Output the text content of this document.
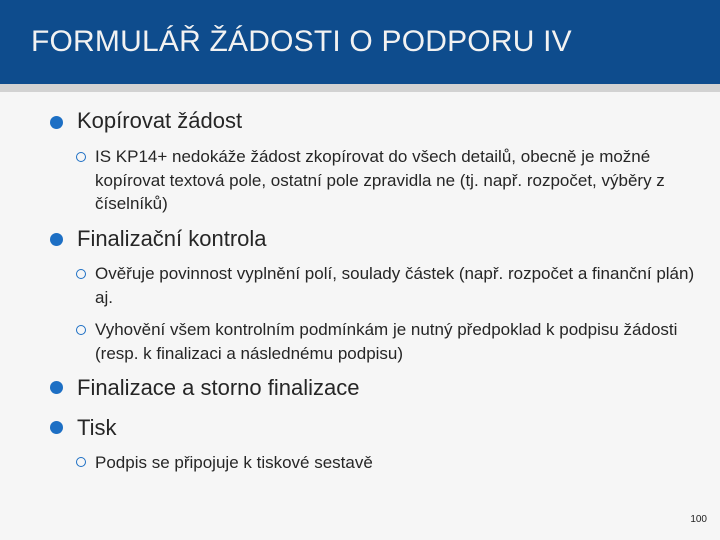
FORMULÁŘ ŽÁDOSTI O PODPORU IV
Kopírovat žádost
IS KP14+ nedokáže žádost zkopírovat do všech detailů, obecně je možné kopírovat textová pole, ostatní pole zpravidla ne (tj. např. rozpočet, výběry z číselníků)
Finalizační kontrola
Ověřuje povinnost vyplnění polí, soulady částek (např. rozpočet a finanční plán) aj.
Vyhovění všem kontrolním podmínkám je nutný předpoklad k podpisu žádosti (resp. k finalizaci a následnému podpisu)
Finalizace a storno finalizace
Tisk
Podpis se připojuje k tiskové sestavě
100
